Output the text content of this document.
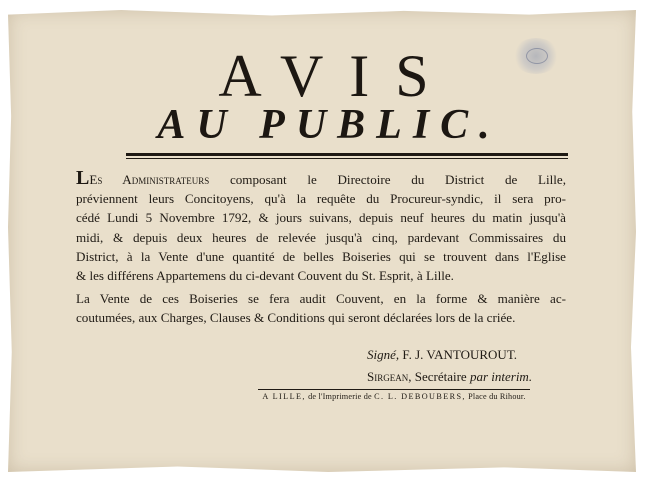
AVIS
AU PUBLIC.

LEs Administrateurs composant le Directoire du District de Lille,
préviennent leurs Concitoyens, qu'à la requête du Procureur-syndic, il sera pro-
cédé Lundi 5 Novembre 1792, & jours suivans, depuis neuf heures du matin jusqu'à
midi, & depuis deux heures de relevée jusqu'à cinq, pardevant Commissaires du
District, à la Vente d'une quantité de belles Boiseries qui se trouvent dans l'Eglise
& les différens Appartemens du ci-devant Couvent du St. Esprit, à Lille.

La Vente de ces Boiseries se fera audit Couvent, en la forme & manière ac-
coutumées, aux Charges, Clauses & Conditions qui seront déclarées lors de la criée.

Signé, F. J. VANTOUROUT.
Sirgean, Secrétaire par interim.
A LILLE, de l'Imprimerie de C. L. DEBOUBERS, Place du Rihour.
